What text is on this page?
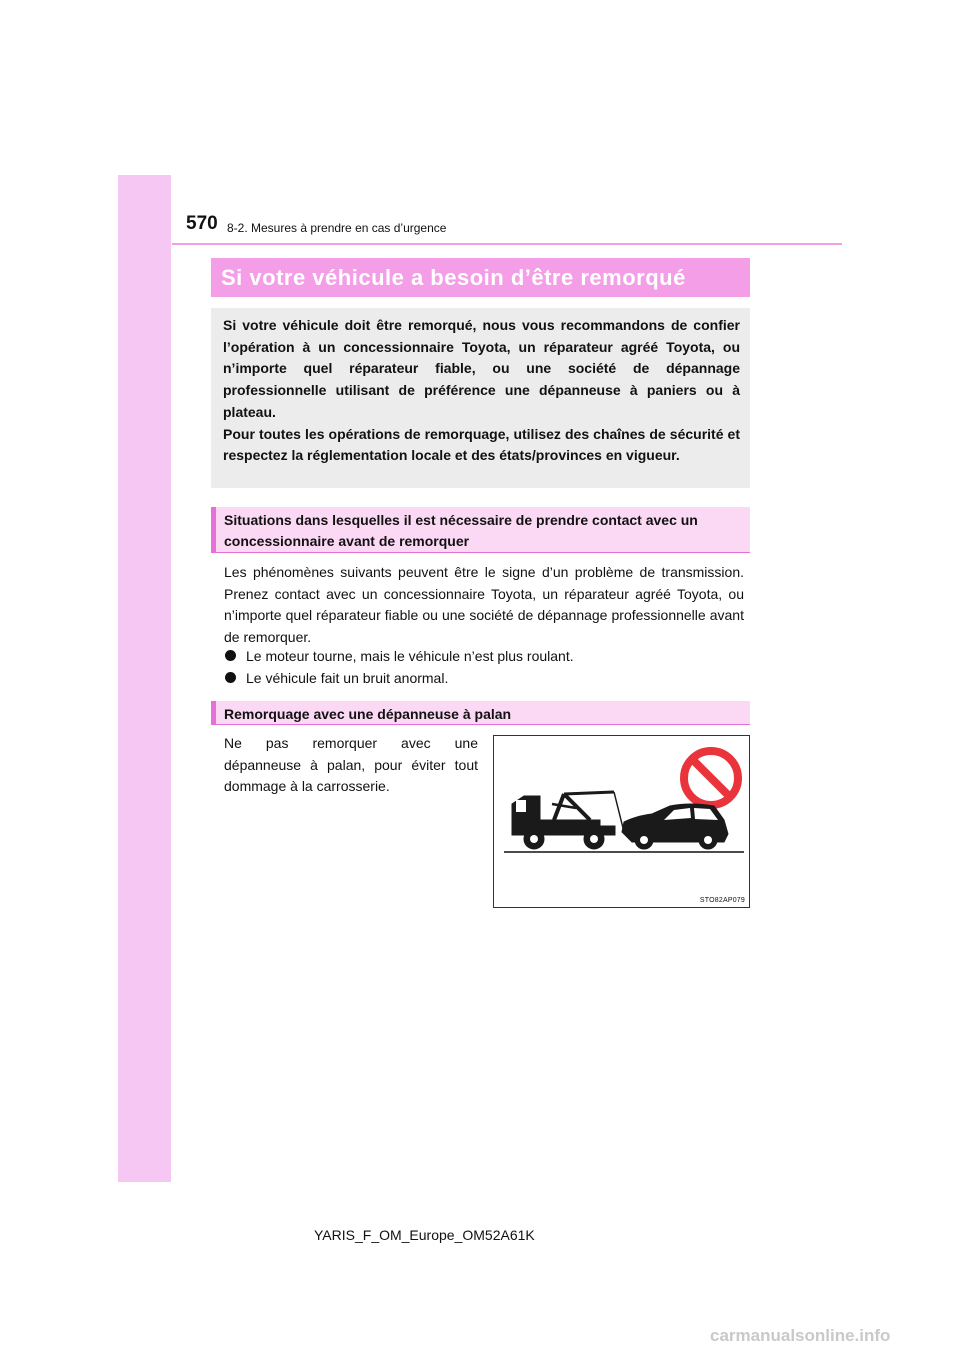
570 8-2. Mesures à prendre en cas d’urgence
Si votre véhicule a besoin d’être remorqué

Si votre véhicule doit être remorqué, nous vous recommandons de confier l’opération à un concessionnaire Toyota, un réparateur agréé Toyota, ou n’importe quel réparateur fiable, ou une société de dépannage professionnelle utilisant de préférence une dépanneuse à paniers ou à plateau.

Pour toutes les opérations de remorquage, utilisez des chaînes de sécurité et respectez la réglementation locale et des états/provinces en vigueur.

Situations dans lesquelles il est nécessaire de prendre contact avec un concessionnaire avant de remorquer

Les phénomènes suivants peuvent être le signe d’un problème de transmission. Prenez contact avec un concessionnaire Toyota, un réparateur agréé Toyota, ou n’importe quel réparateur fiable ou une société de dépannage professionnelle avant de remorquer.

Le moteur tourne, mais le véhicule n’est plus roulant.
Le véhicule fait un bruit anormal.
Remorquage avec une dépanneuse à palan

Ne pas remorquer avec une dépanneuse à palan, pour éviter tout dommage à la carrosserie.

STO82AP079
YARIS_F_OM_Europe_OM52A61K
carmanualsonline.info
